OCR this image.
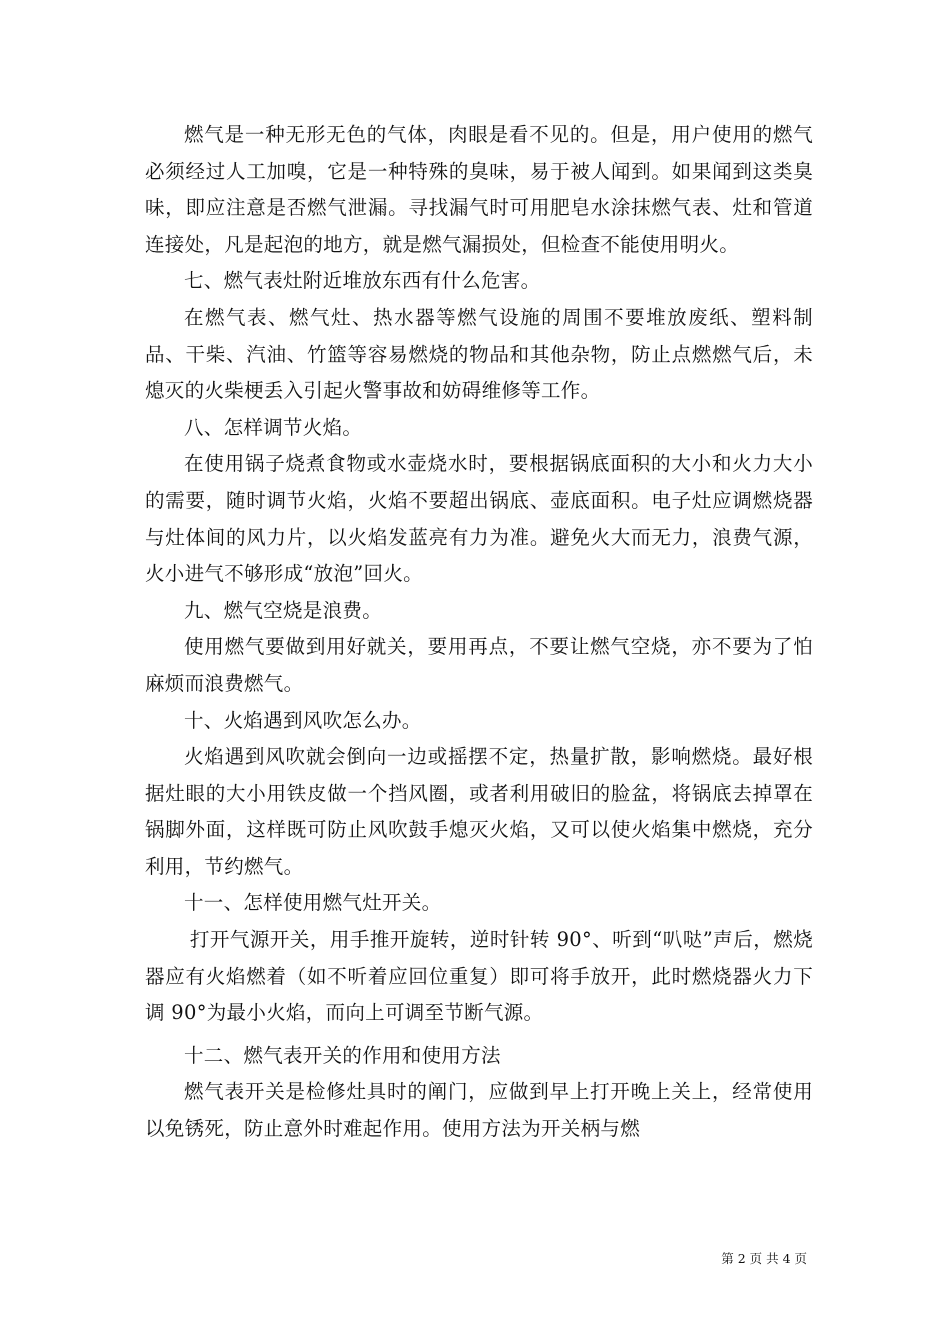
燃气是一种无形无色的气体，肉眼是看不见的。但是，用户使用的燃气必须经过人工加嗅，它是一种特殊的臭味，易于被人闻到。如果闻到这类臭味，即应注意是否燃气泄漏。寻找漏气时可用肥皂水涂抹燃气表、灶和管道连接处，凡是起泡的地方，就是燃气漏损处，但检查不能使用明火。

七、燃气表灶附近堆放东西有什么危害。

在燃气表、燃气灶、热水器等燃气设施的周围不要堆放废纸、塑料制品、干柴、汽油、竹篮等容易燃烧的物品和其他杂物，防止点燃燃气后，未熄灭的火柴梗丢入引起火警事故和妨碍维修等工作。

八、怎样调节火焰。

在使用锅子烧煮食物或水壶烧水时，要根据锅底面积的大小和火力大小的需要，随时调节火焰，火焰不要超出锅底、壶底面积。电子灶应调燃烧器与灶体间的风力片，以火焰发蓝亮有力为准。避免火大而无力，浪费气源，火小进气不够形成“放泡”回火。

九、燃气空烧是浪费。

使用燃气要做到用好就关，要用再点，不要让燃气空烧，亦不要为了怕麻烦而浪费燃气。

十、火焰遇到风吹怎么办。

火焰遇到风吹就会倒向一边或摇摆不定，热量扩散，影响燃烧。最好根据灶眼的大小用铁皮做一个挡风圈，或者利用破旧的脸盆，将锅底去掉罩在锅脚外面，这样既可防止风吹鼓手熄灭火焰，又可以使火焰集中燃烧，充分利用，节约燃气。

十一、怎样使用燃气灶开关。

打开气源开关，用手推开旋转，逆时针转 90°、听到“叭哒”声后，燃烧器应有火焰燃着（如不听着应回位重复）即可将手放开，此时燃烧器火力下调 90°为最小火焰，而向上可调至节断气源。

十二、燃气表开关的作用和使用方法

燃气表开关是检修灶具时的阐门，应做到早上打开晚上关上，经常使用以免锈死，防止意外时难起作用。使用方法为开关柄与燃

第 2 页 共 4 页
